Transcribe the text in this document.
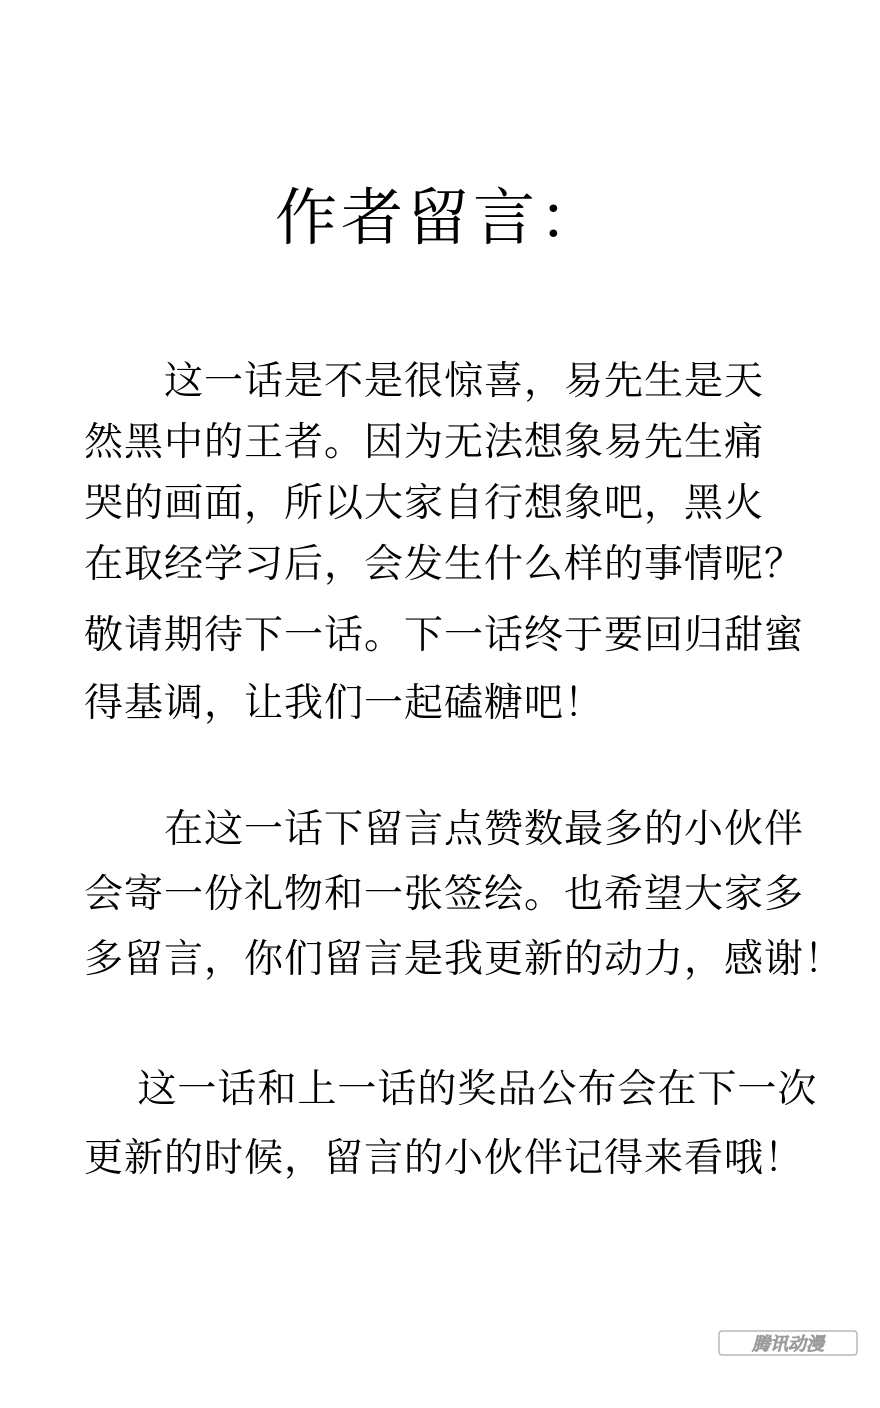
作者留言：
　　这一话是不是很惊喜，易先生是天
然黑中的王者。因为无法想象易先生痛
哭的画面，所以大家自行想象吧，黑火
在取经学习后，会发生什么样的事情呢？
敬请期待下一话。下一话终于要回归甜蜜
得基调，让我们一起磕糖吧！
　　在这一话下留言点赞数最多的小伙伴
会寄一份礼物和一张签绘。也希望大家多
多留言，你们留言是我更新的动力，感谢！
　 这一话和上一话的奖品公布会在下一次
更新的时候，留言的小伙伴记得来看哦！
腾讯动漫
